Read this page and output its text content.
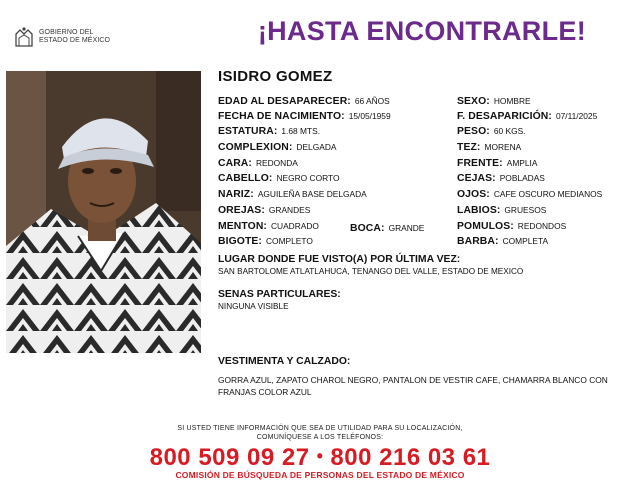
GOBIERNO DEL
ESTADO DE MÉXICO	¡HASTA ENCONTRARLE!
ISIDRO GOMEZ
EDAD AL DESAPARECER: 66 AÑOS
FECHA DE NACIMIENTO: 15/05/1959
ESTATURA: 1.68 MTS.
COMPLEXION: DELGADA
CARA: REDONDA
CABELLO: NEGRO CORTO
NARIZ: AGUILEÑA BASE DELGADA
OREJAS: GRANDES
MENTON: CUADRADO
BIGOTE: COMPLETO
BOCA: GRANDE
SEXO: HOMBRE
F. DESAPARICIÓN: 07/11/2025
PESO: 60 KGS.
TEZ: MORENA
FRENTE: AMPLIA
CEJAS: POBLADAS
OJOS: CAFE OSCURO MEDIANOS
LABIOS: GRUESOS
POMULOS: REDONDOS
BARBA: COMPLETA
LUGAR DONDE FUE VISTO(A) POR ÚLTIMA VEZ:
SAN BARTOLOME ATLATLAHUCA, TENANGO DEL VALLE, ESTADO DE MEXICO
SENAS PARTICULARES:
NINGUNA VISIBLE
VESTIMENTA Y CALZADO:
GORRA AZUL, ZAPATO CHAROL NEGRO, PANTALON DE VESTIR CAFE, CHAMARRA BLANCO CON FRANJAS COLOR AZUL
SI USTED TIENE INFORMACIÓN QUE SEA DE UTILIDAD PARA SU LOCALIZACIÓN,
COMUNÍQUESE A LOS TELÉFONOS:
800 509 09 27 • 800 216 03 61
COMISIÓN DE BÚSQUEDA DE PERSONAS DEL ESTADO DE MÉXICO
